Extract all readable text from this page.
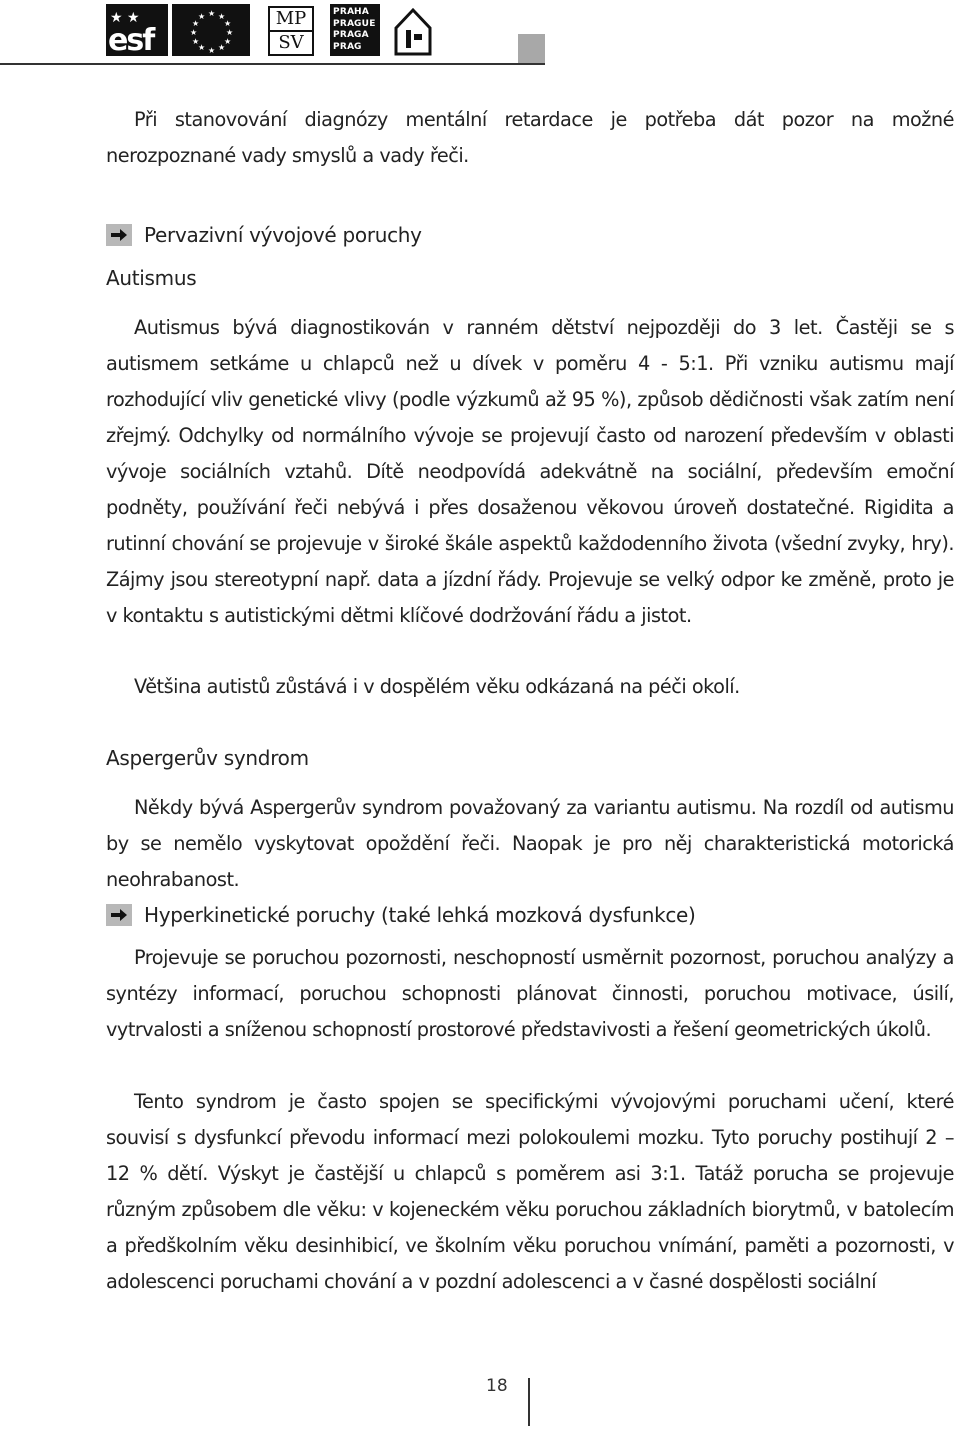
★ ★
esf
★ ★
★
★
★
★
★
★
★
★
★
★	MP
SV
PRAHA
PRAGUE
PRAGA
PRAG

Při stanovování diagnózy mentální retardace je potřeba dát pozor na možné nerozpoznané vady smyslů a vady řeči.

Pervazivní vývojové poruchy
Autismus

Autismus bývá diagnostikován v ranném dětství nejpozději do 3 let. Častěji se s autismem setkáme u chlapců než u dívek v poměru 4 - 5:1. Při vzniku autismu mají rozhodující vliv genetické vlivy (podle výzkumů až 95 %), způsob dědičnosti však zatím není zřejmý. Odchylky od normálního vývoje se projevují často od narození především v oblasti vývoje sociálních vztahů. Dítě neodpovídá adekvátně na sociální, především emoční podněty, používání řeči nebývá i přes dosaženou věkovou úroveň dostatečné. Rigidita a rutinní chování se projevuje v široké škále aspektů každodenního života (všední zvyky, hry). Zájmy jsou stereotypní např. data a jízdní řády. Projevuje se velký odpor ke změně, proto je v kontaktu s autistickými dětmi klíčové dodržování řádu a jistot.

Většina autistů zůstává i v dospělém věku odkázaná na péči okolí.

Aspergerův syndrom

Někdy bývá Aspergerův syndrom považovaný za variantu autismu. Na rozdíl od autismu by se nemělo vyskytovat opoždění řeči. Naopak je pro něj charakteristická motorická neohrabanost.

Hyperkinetické poruchy (také lehká mozková dysfunkce)

Projevuje se poruchou pozornosti, neschopností usměrnit pozornost, poruchou analýzy a syntézy informací, poruchou schopnosti plánovat činnosti, poruchou motivace, úsilí, vytrvalosti a sníženou schopností prostorové představivosti a řešení geometrických úkolů.

Tento syndrom je často spojen se specifickými vývojovými poruchami učení, které souvisí s dysfunkcí převodu informací mezi polokoulemi mozku. Tyto poruchy postihují 2 – 12 % dětí. Výskyt je častější u chlapců s poměrem asi 3:1. Tatáž porucha se projevuje různým způsobem dle věku: v kojeneckém věku poruchou základních biorytmů, v batolecím a předškolním věku desinhibicí, ve školním věku poruchou vnímání, paměti a pozornosti, v adolescenci poruchami chování a v pozdní adolescenci a v časné dospělosti sociální

18
